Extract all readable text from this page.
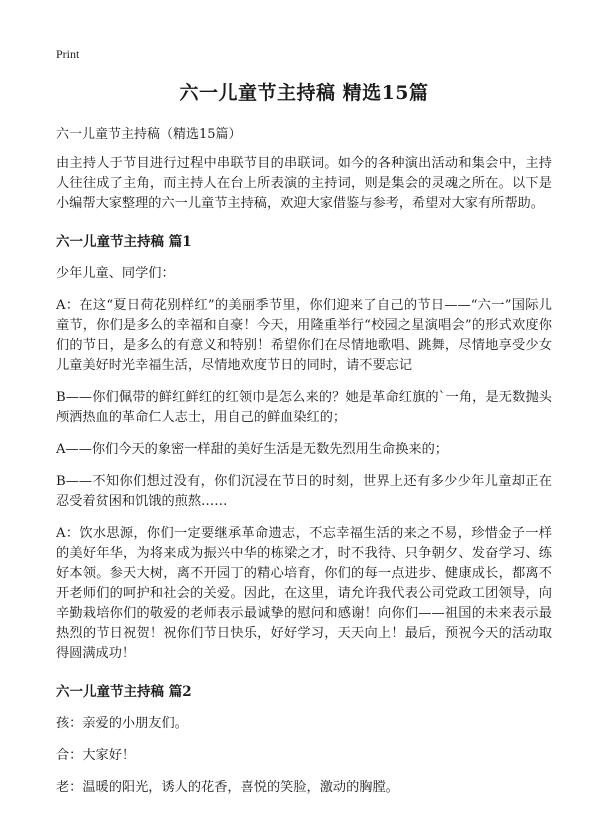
Print
六一儿童节主持稿 精选15篇
六一儿童节主持稿（精选15篇）

由主持人于节目进行过程中串联节目的串联词。如今的各种演出活动和集会中，主持人往往成了主角，而主持人在台上所表演的主持词，则是集会的灵魂之所在。以下是小编帮大家整理的六一儿童节主持稿，欢迎大家借鉴与参考，希望对大家有所帮助。

六一儿童节主持稿 篇1

少年儿童、同学们：

A：在这“夏日荷花别样红”的美丽季节里，你们迎来了自己的节日——“六一”国际儿童节，你们是多么的幸福和自豪！今天，用隆重举行“校园之星演唱会”的形式欢度你们的节日，是多么的有意义和特别！希望你们在尽情地歌唱、跳舞，尽情地享受少女儿童美好时光幸福生活，尽情地欢度节日的同时，请不要忘记

B——你们佩带的鲜红鲜红的红领巾是怎么来的？她是革命红旗的`一角，是无数抛头颅洒热血的革命仁人志士，用自己的鲜血染红的；

A——你们今天的象密一样甜的美好生活是无数先烈用生命换来的；

B——不知你们想过没有，你们沉浸在节日的时刻，世界上还有多少少年儿童却正在忍受着贫困和饥饿的煎熬……

A：饮水思源，你们一定要继承革命遗志，不忘幸福生活的来之不易，珍惜金子一样的美好年华，为将来成为振兴中华的栋梁之才，时不我待、只争朝夕、发奋学习、练好本领。参天大树，离不开园丁的精心培育，你们的每一点进步、健康成长，都离不开老师们的呵护和社会的关爱。因此，在这里，请允许我代表公司党政工团领导，向辛勤栽培你们的敬爱的老师表示最诚挚的慰问和感谢！向你们——祖国的未来表示最热烈的节日祝贺！祝你们节日快乐，好好学习，天天向上！最后，预祝今天的活动取得圆满成功！

六一儿童节主持稿 篇2

孩：亲爱的小朋友们。

合：大家好！

老：温暖的阳光，诱人的花香，喜悦的笑脸，激动的胸膛。
